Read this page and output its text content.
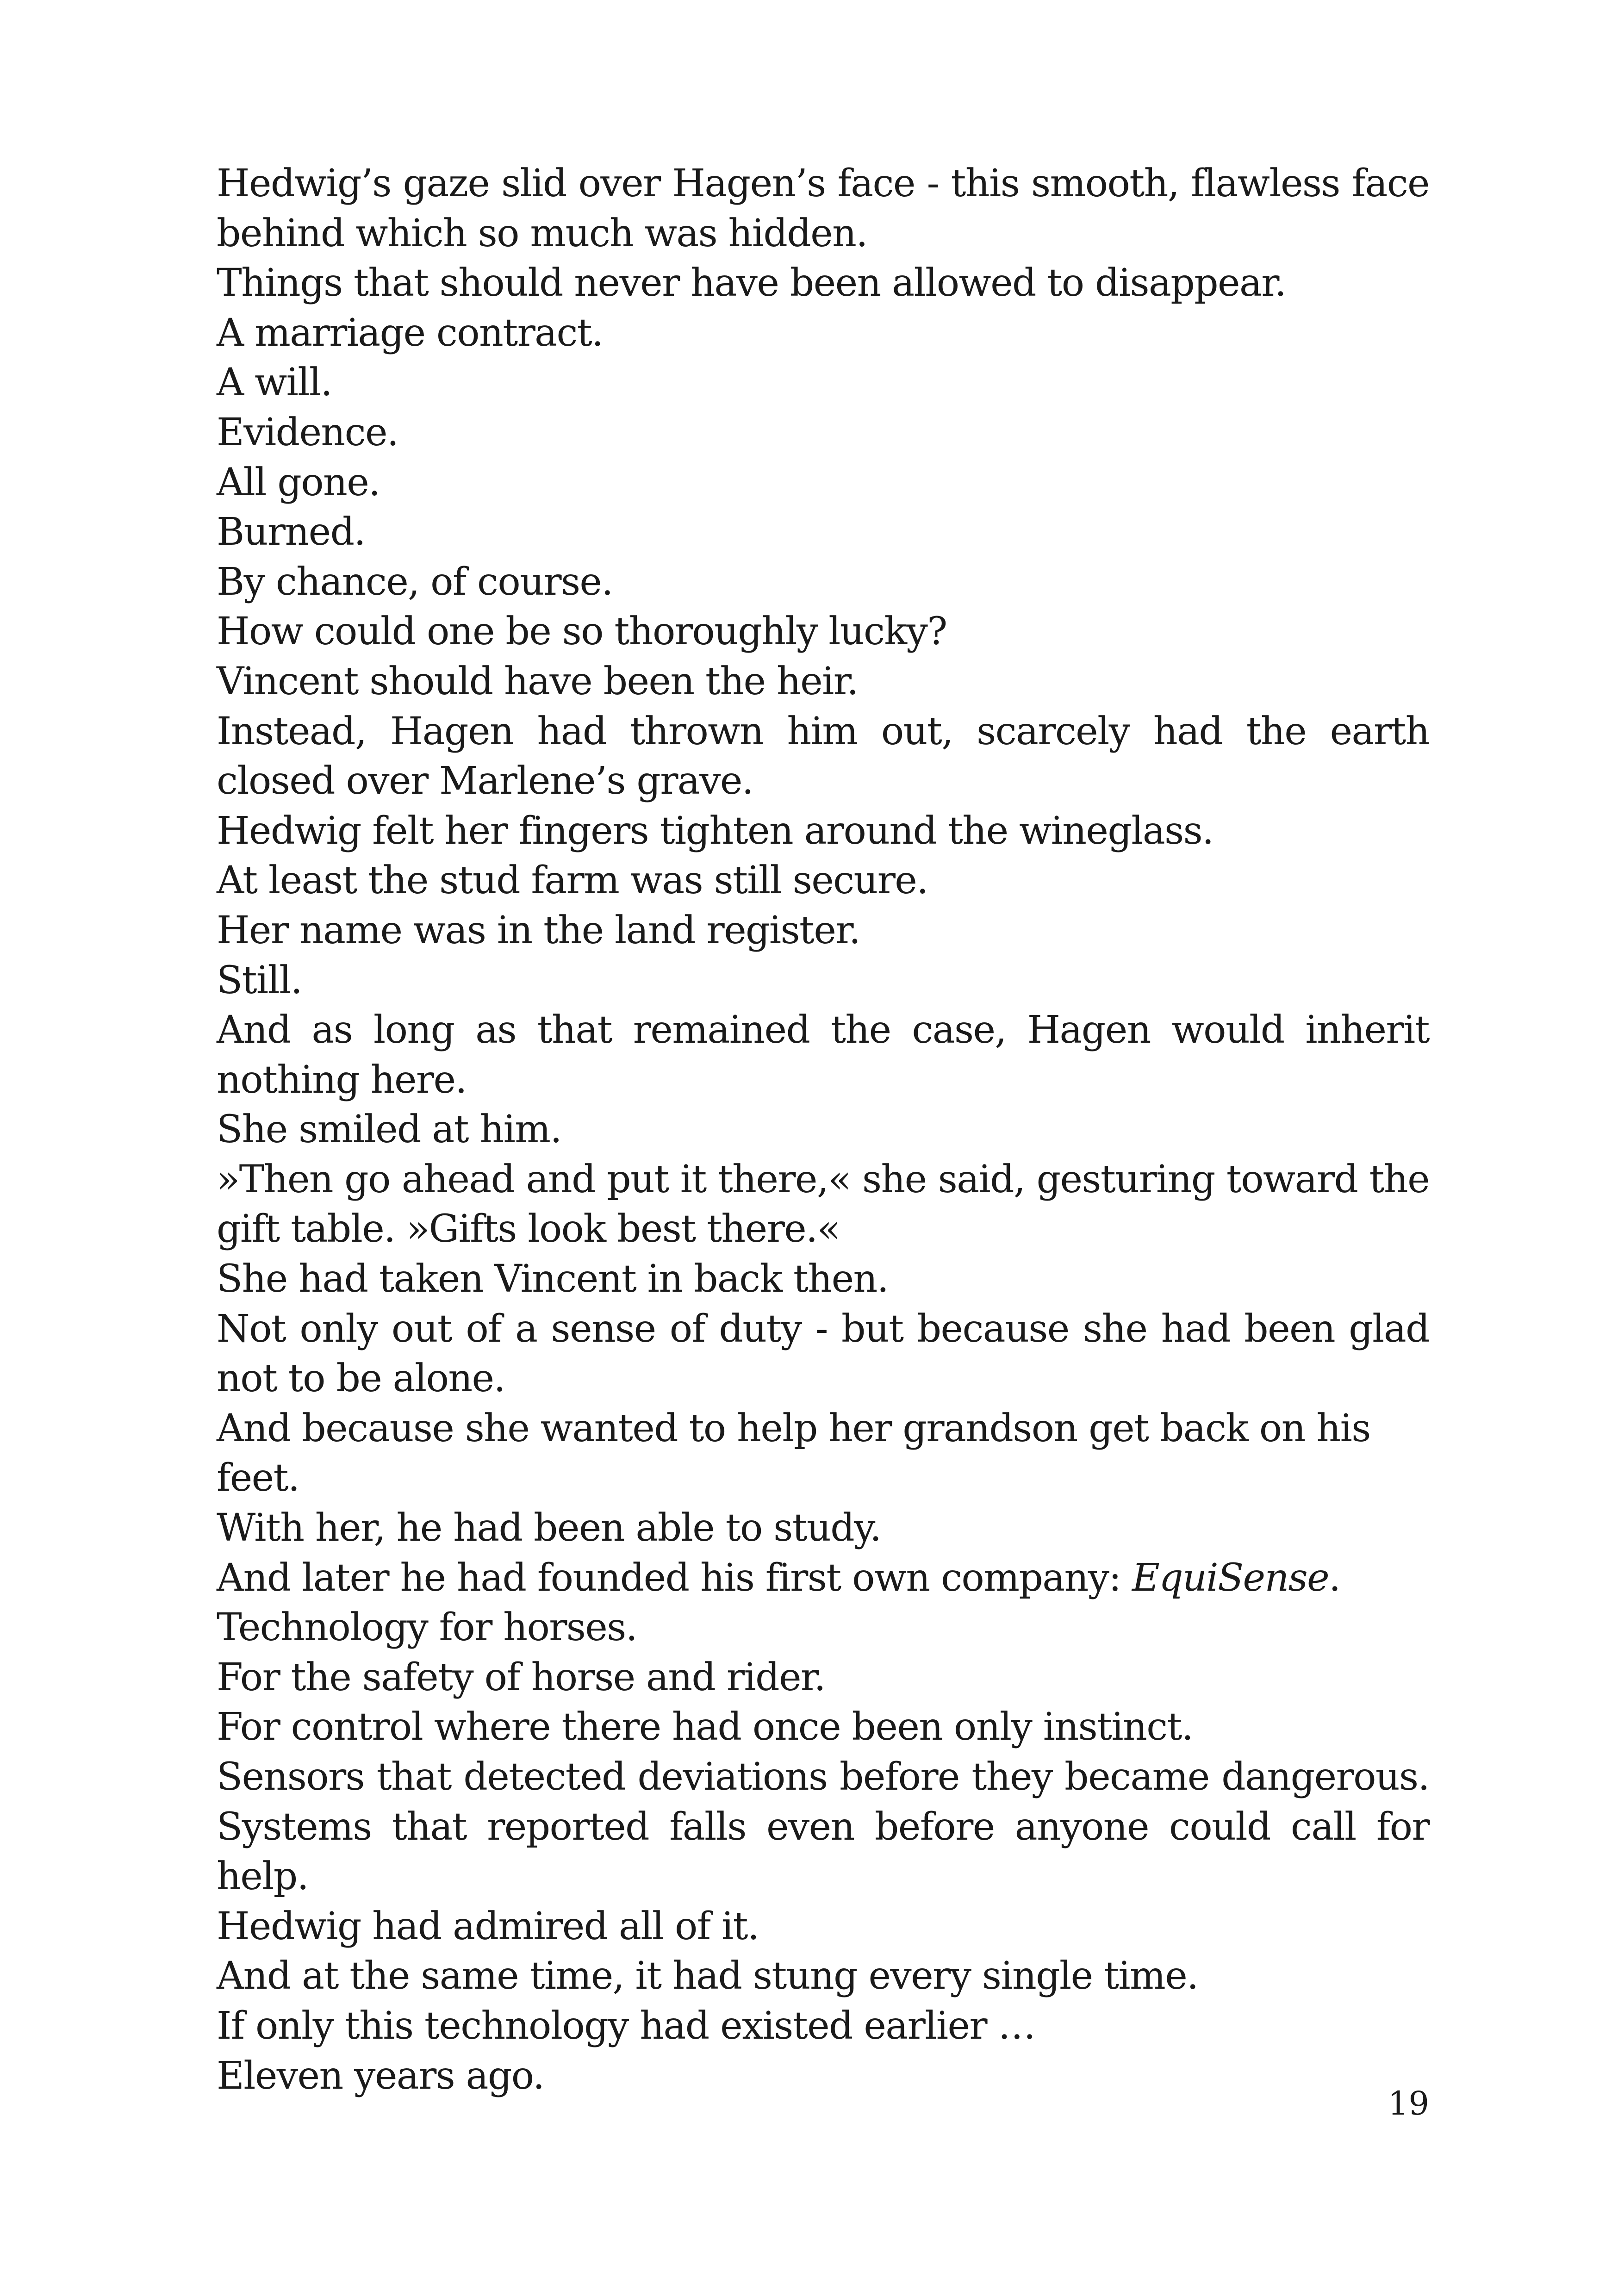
Hedwig’s gaze slid over Hagen’s face - this smooth, flawless face behind which so much was hidden.

Things that should never have been allowed to disappear.

A marriage contract.

A will.

Evidence.

All gone.

Burned.

By chance, of course.

How could one be so thoroughly lucky?

Vincent should have been the heir.

Instead, Hagen had thrown him out, scarcely had the earth closed over Marlene’s grave.

Hedwig felt her fingers tighten around the wineglass.

At least the stud farm was still secure.

Her name was in the land register.

Still.

And as long as that remained the case, Hagen would inherit nothing here.

She smiled at him.

»Then go ahead and put it there,« she said, gesturing toward the gift table. »Gifts look best there.«

She had taken Vincent in back then.

Not only out of a sense of duty - but because she had been glad not to be alone.

And because she wanted to help her grandson get back on his feet.

With her, he had been able to study.

And later he had founded his first own company: EquiSense.

Technology for horses.

For the safety of horse and rider.

For control where there had once been only instinct.

Sensors that detected deviations before they became dangerous. Systems that reported falls even before anyone could call for help.

Hedwig had admired all of it.

And at the same time, it had stung every single time.

If only this technology had existed earlier …

Eleven years ago.

19
